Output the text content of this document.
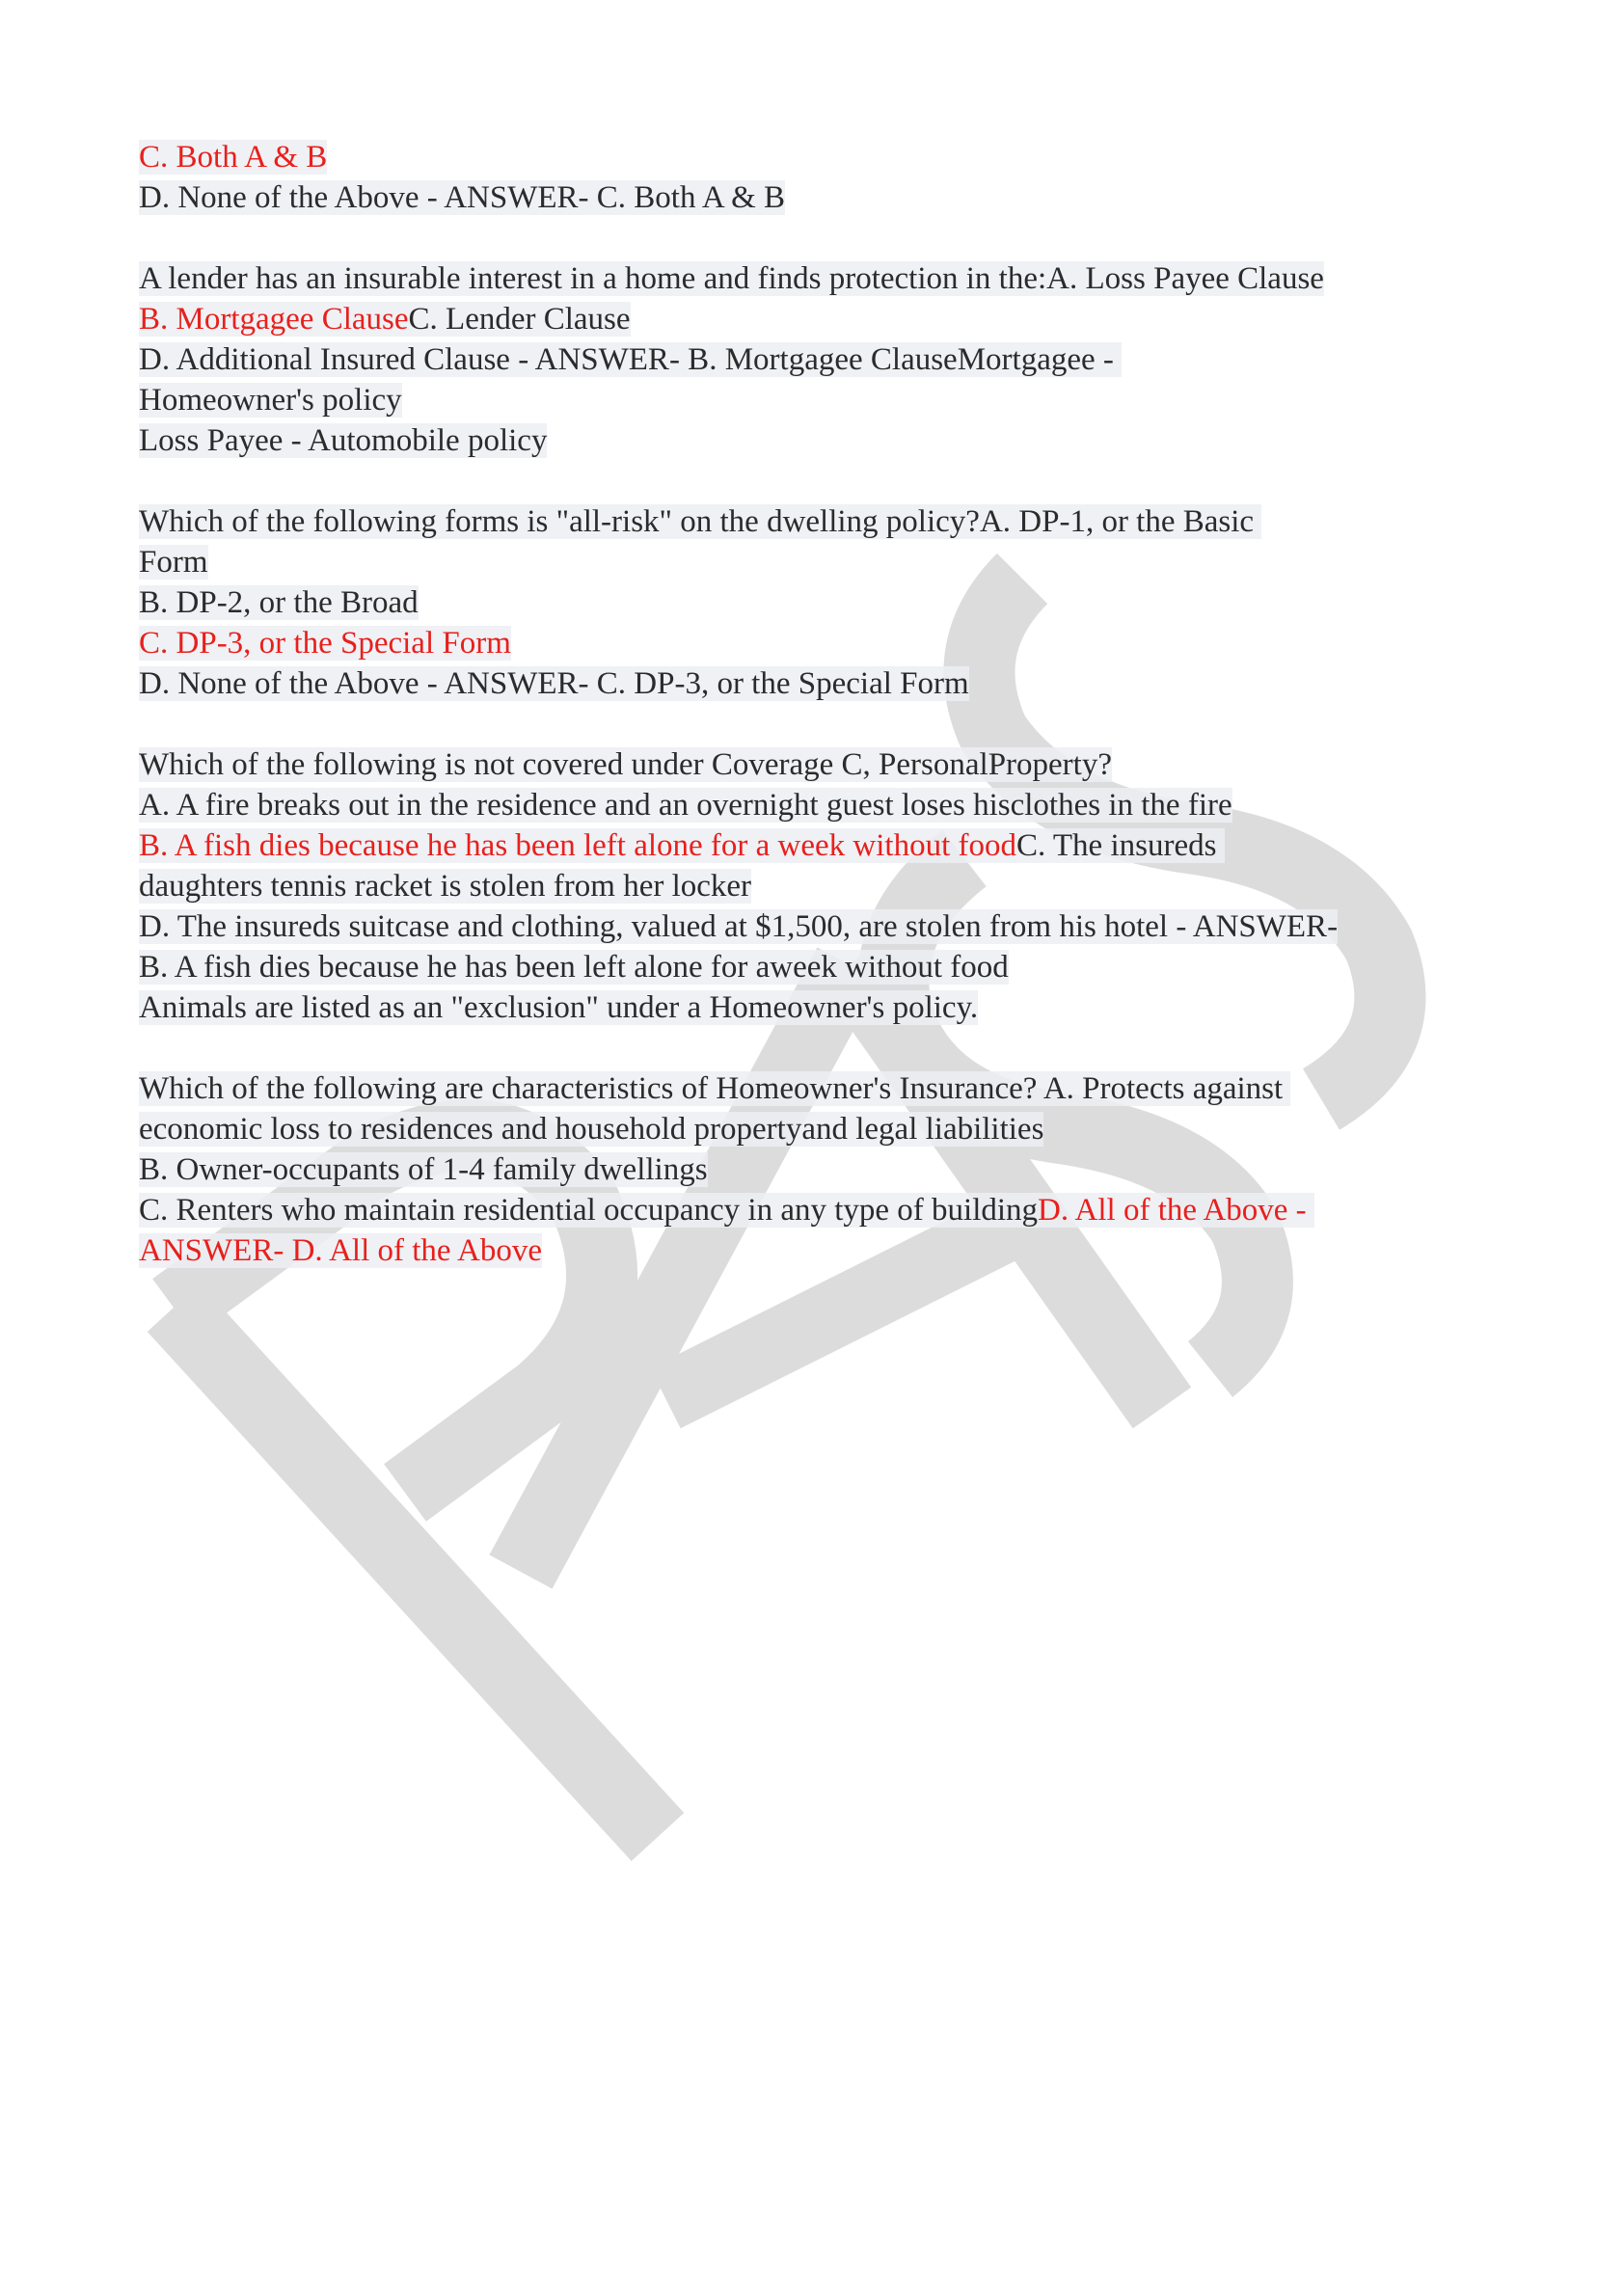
C. Both A & B
D. None of the Above - ANSWER- C. Both A & B
A lender has an insurable interest in a home and finds protection in the:A. Loss Payee Clause
B. Mortgagee ClauseC. Lender Clause
D. Additional Insured Clause - ANSWER- B. Mortgagee ClauseMortgagee -
Homeowner's policy
Loss Payee - Automobile policy
Which of the following forms is "all-risk" on the dwelling policy?A. DP-1, or the Basic
Form
B. DP-2, or the Broad
C. DP-3, or the Special Form
D. None of the Above - ANSWER- C. DP-3, or the Special Form
Which of the following is not covered under Coverage C, PersonalProperty?
A. A fire breaks out in the residence and an overnight guest loses hisclothes in the fire
B. A fish dies because he has been left alone for a week without foodC. The insureds
daughters tennis racket is stolen from her locker
D. The insureds suitcase and clothing, valued at $1,500, are stolen from his hotel - ANSWER-
B. A fish dies because he has been left alone for aweek without food
Animals are listed as an "exclusion" under a Homeowner's policy.
Which of the following are characteristics of Homeowner's Insurance? A. Protects against
economic loss to residences and household propertyand legal liabilities
B. Owner-occupants of 1-4 family dwellings
C. Renters who maintain residential occupancy in any type of buildingD. All of the Above -
ANSWER- D. All of the Above
